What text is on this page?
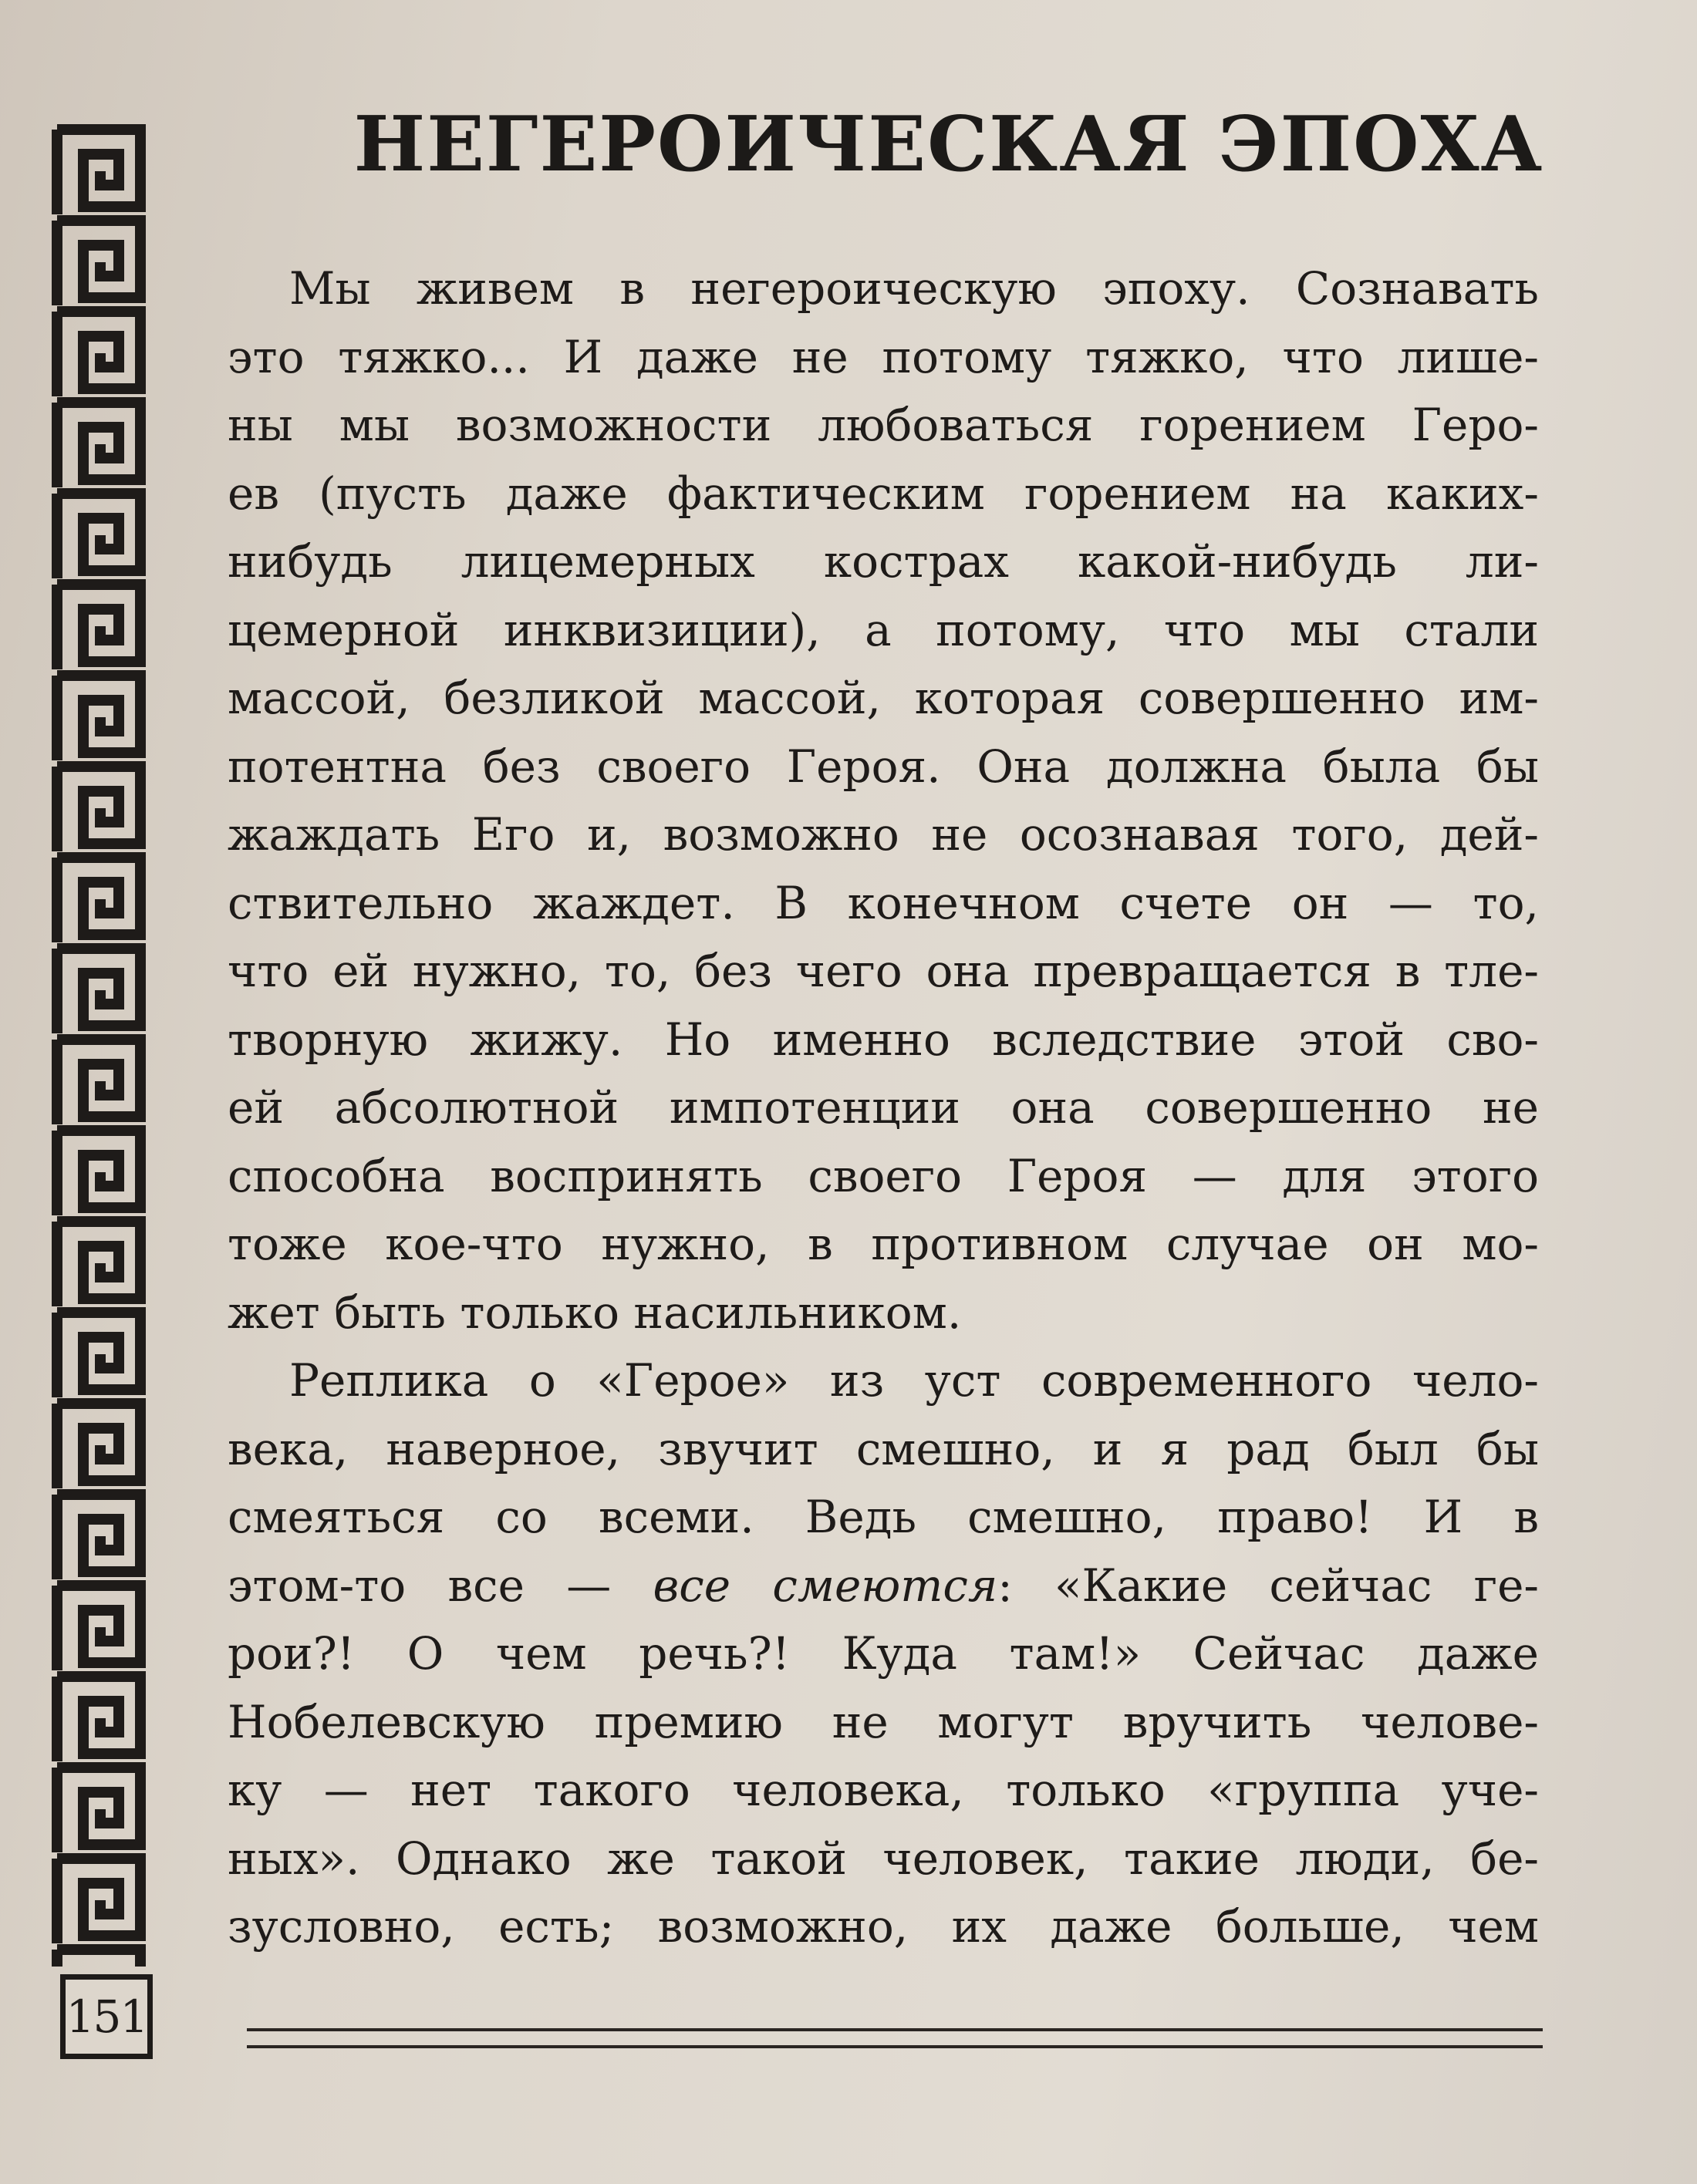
151
НЕГЕРОИЧЕСКАЯ ЭПОХА
Мы живем в негероическую эпоху. Сознавать
это тяжко... И даже не потому тяжко, что лише-
ны мы возможности любоваться горением Геро-
ев (пусть даже фактическим горением на каких-
нибудь лицемерных кострах какой-нибудь ли-
цемерной инквизиции), а потому, что мы стали
массой, безликой массой, которая совершенно им-
потентна без своего Героя. Она должна была бы
жаждать Его и, возможно не осознавая того, дей-
ствительно жаждет. В конечном счете он — то,
что ей нужно, то, без чего она превращается в тле-
творную жижу. Но именно вследствие этой сво-
ей абсолютной импотенции она совершенно не
способна воспринять своего Героя — для этого
тоже кое-что нужно, в противном случае он мо-
жет быть только насильником.
Реплика о «Герое» из уст современного чело-
века, наверное, звучит смешно, и я рад был бы
смеяться со всеми. Ведь смешно, право! И в
этом-то все — все смеются: «Какие сейчас ге-
рои?! О чем речь?! Куда там!» Сейчас даже
Нобелевскую премию не могут вручить челове-
ку — нет такого человека, только «группа уче-
ных». Однако же такой человек, такие люди, бе-
зусловно, есть; возможно, их даже больше, чем
